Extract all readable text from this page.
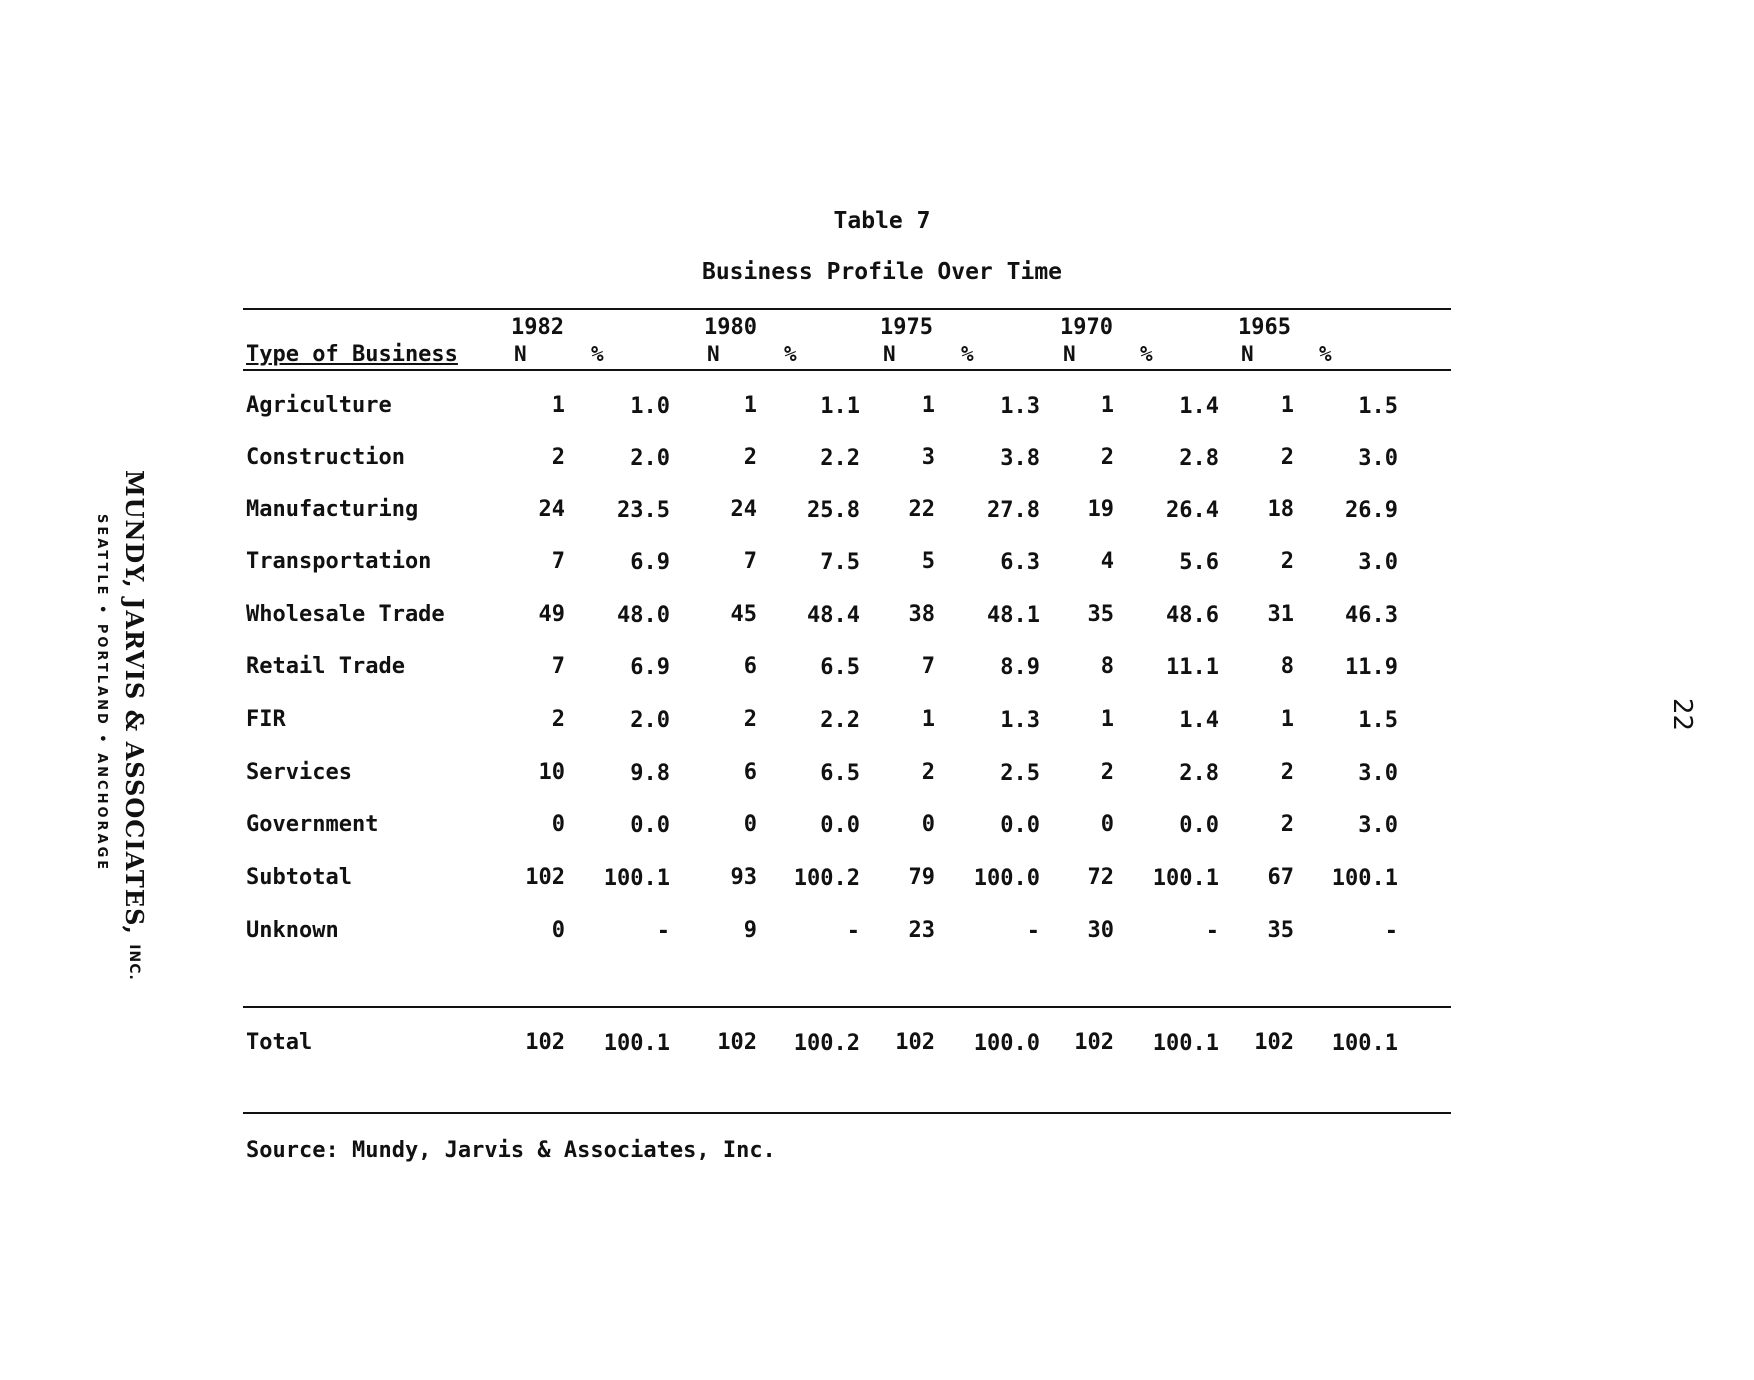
MUNDY, JARVIS & ASSOCIATES, INC.
SEATTLE • PORTLAND • ANCHORAGE	22
Table 7
Business Profile Over Time
Type of Business
1982	1980	1975	1970	1965
N	%	N	%	N	%	N	%	N	%
Agriculture	1	1.0	1	1.1	1	1.3	1	1.4	1	1.5
Construction	2	2.0	2	2.2	3	3.8	2	2.8	2	3.0
Manufacturing	24	23.5	24	25.8	22	27.8	19	26.4	18	26.9
Transportation	7	6.9	7	7.5	5	6.3	4	5.6	2	3.0
Wholesale Trade	49	48.0	45	48.4	38	48.1	35	48.6	31	46.3
Retail Trade	7	6.9	6	6.5	7	8.9	8	11.1	8	11.9
FIR	2	2.0	2	2.2	1	1.3	1	1.4	1	1.5
Services	10	9.8	6	6.5	2	2.5	2	2.8	2	3.0
Government	0	0.0	0	0.0	0	0.0	0	0.0	2	3.0
Subtotal	102	100.1	93	100.2	79	100.0	72	100.1	67	100.1
Unknown	0	-	9	-	23	-	30	-	35	-
Total	102	100.1	102	100.2	102	100.0	102	100.1	102	100.1
Source: Mundy, Jarvis & Associates, Inc.
